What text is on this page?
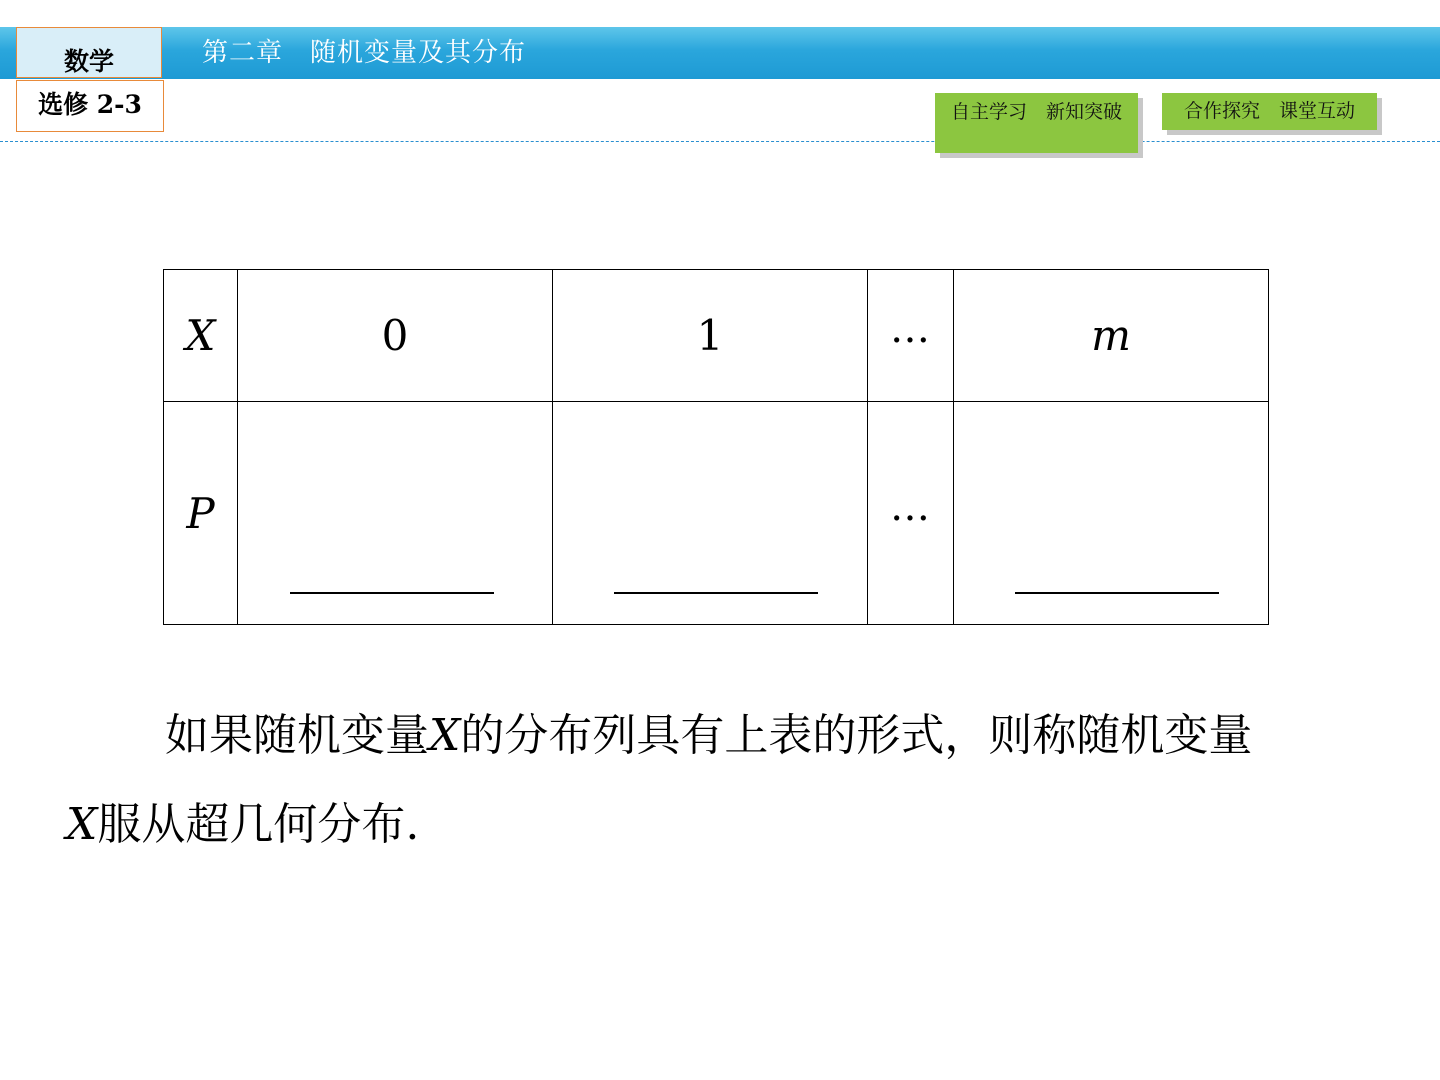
第二章　随机变量及其分布
数学
选修 2-3	自主学习　新知突破	合作探究　课堂互动
X	0	1	…	m
P			…	
如果随机变量X的分布列具有上表的形式，则称随机变量
X服从超几何分布.
